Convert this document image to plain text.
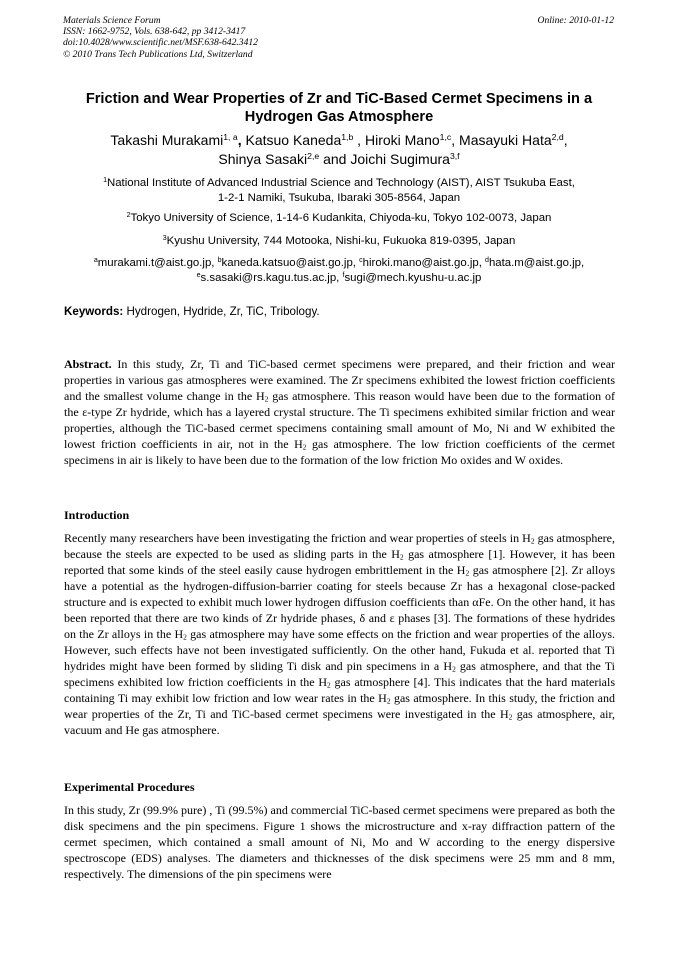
Materials Science Forum
ISSN: 1662-9752, Vols. 638-642, pp 3412-3417
doi:10.4028/www.scientific.net/MSF.638-642.3412
© 2010 Trans Tech Publications Ltd, Switzerland
Online: 2010-01-12
Friction and Wear Properties of Zr and TiC-Based Cermet Specimens in a
Hydrogen Gas Atmosphere
Takashi Murakami$^{1, a}$, Katsuo Kaneda$^{1,b}$ , Hiroki Mano$^{1,c}$, Masayuki Hata$^{2,d}$,
Shinya Sasaki$^{2,e}$ and Joichi Sugimura$^{3,f}$
$^1$National Institute of Advanced Industrial Science and Technology (AIST), AIST Tsukuba East,
1-2-1 Namiki, Tsukuba, Ibaraki 305-8564, Japan
$^2$Tokyo University of Science, 1-14-6 Kudankita, Chiyoda-ku, Tokyo 102-0073, Japan
$^3$Kyushu University, 744 Motooka, Nishi-ku, Fukuoka 819-0395, Japan
$^a$murakami.t@aist.go.jp, $^b$kaneda.katsuo@aist.go.jp, $^c$hiroki.mano@aist.go.jp, $^d$hata.m@aist.go.jp,
$^e$s.sasaki@rs.kagu.tus.ac.jp, $^f$sugi@mech.kyushu-u.ac.jp
Keywords: Hydrogen, Hydride, Zr, TiC, Tribology.
Abstract. In this study, Zr, Ti and TiC-based cermet specimens were prepared, and their friction and wear properties in various gas atmospheres were examined. The Zr specimens exhibited the lowest friction coefficients and the smallest volume change in the $H_2$ gas atmosphere. This reason would have been due to the formation of the ε-type Zr hydride, which has a layered crystal structure. The Ti specimens exhibited similar friction and wear properties, although the TiC-based cermet specimens containing small amount of Mo, Ni and W exhibited the lowest friction coefficients in air, not in the $H_2$ gas atmosphere. The low friction coefficients of the cermet specimens in air is likely to have been due to the formation of the low friction Mo oxides and W oxides.
Introduction
Recently many researchers have been investigating the friction and wear properties of steels in $H_2$ gas atmosphere, because the steels are expected to be used as sliding parts in the $H_2$ gas atmosphere [1]. However, it has been reported that some kinds of the steel easily cause hydrogen embrittlement in the $H_2$ gas atmosphere [2]. Zr alloys have a potential as the hydrogen-diffusion-barrier coating for steels because Zr has a hexagonal close-packed structure and is expected to exhibit much lower hydrogen diffusion coefficients than αFe. On the other hand, it has been reported that there are two kinds of Zr hydride phases, δ and ε phases [3]. The formations of these hydrides on the Zr alloys in the $H_2$ gas atmosphere may have some effects on the friction and wear properties of the alloys. However, such effects have not been investigated sufficiently. On the other hand, Fukuda et al. reported that Ti hydrides might have been formed by sliding Ti disk and pin specimens in a $H_2$ gas atmosphere, and that the Ti specimens exhibited low friction coefficients in the $H_2$ gas atmosphere [4]. This indicates that the hard materials containing Ti may exhibit low friction and low wear rates in the $H_2$ gas atmosphere. In this study, the friction and wear properties of the Zr, Ti and TiC-based cermet specimens were investigated in the $H_2$ gas atmosphere, air, vacuum and He gas atmosphere.
Experimental Procedures
In this study, Zr (99.9% pure) , Ti (99.5%) and commercial TiC-based cermet specimens were prepared as both the disk specimens and the pin specimens. Figure 1 shows the microstructure and x-ray diffraction pattern of the cermet specimen, which contained a small amount of Ni, Mo and W according to the energy dispersive spectroscope (EDS) analyses. The diameters and thicknesses of the disk specimens were 25 mm and 8 mm, respectively. The dimensions of the pin specimens were
